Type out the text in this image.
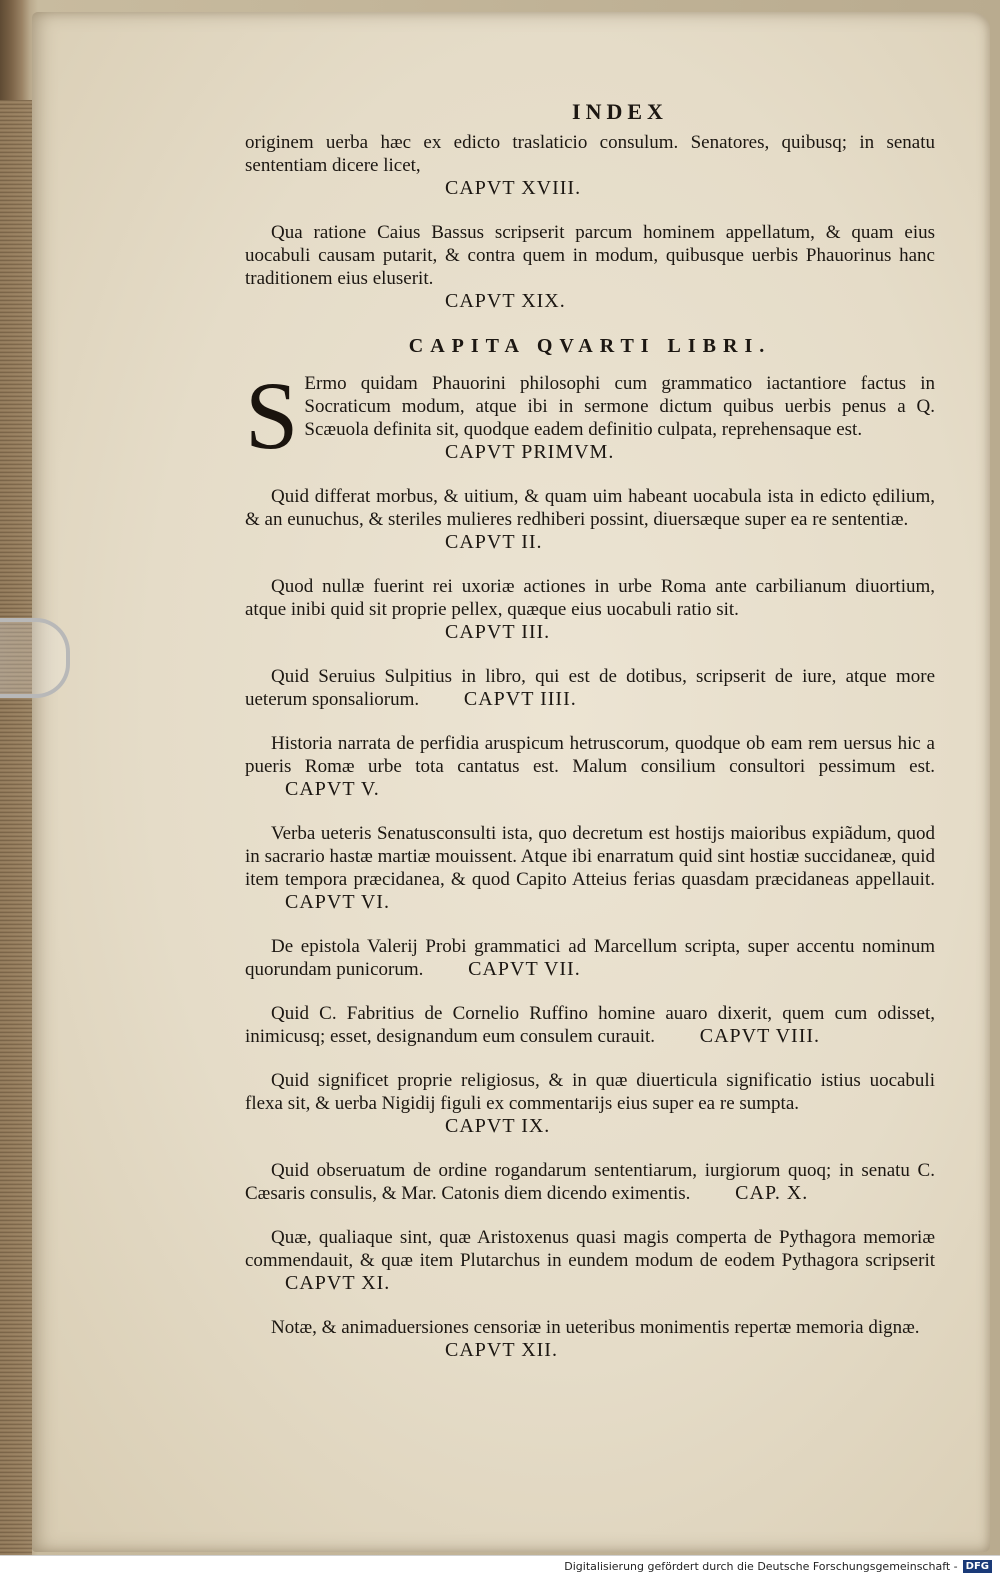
INDEX

originem uerba hæc ex edicto traslaticio consulum. Senatores, quibusq; in senatu sententiam dicere licet,
CAPVT XVIII.

Qua ratione Caius Bassus scripserit parcum hominem appellatum, & quam eius uocabuli causam putarit, & contra quem in modum, quibusque uerbis Phauorinus hanc traditionem eius eluserit.
CAPVT XIX.

CAPITA QVARTI LIBRI.

S Ermo quidam Phauorini philosophi cum grammatico iactantiore factus in Socraticum modum, atque ibi in sermone dictum quibus uerbis penus a Q. Scæuola definita sit, quodque eadem definitio culpata, reprehensaque est.
CAPVT PRIMVM.

Quid differat morbus, & uitium, & quam uim habeant uocabula ista in edicto ędilium, & an eunuchus, & steriles mulieres redhiberi possint, diuersæque super ea re sententiæ.
CAPVT II.

Quod nullæ fuerint rei uxoriæ actiones in urbe Roma ante carbilianum diuortium, atque inibi quid sit proprie pellex, quæque eius uocabuli ratio sit.
CAPVT III.

Quid Seruius Sulpitius in libro, qui est de dotibus, scripserit de iure, atque more ueterum sponsaliorum. CAPVT IIII.

Historia narrata de perfidia aruspicum hetruscorum, quodque ob eam rem uersus hic a pueris Romæ urbe tota cantatus est. Malum consilium consultori pessimum est. CAPVT V.

Verba ueteris Senatusconsulti ista, quo decretum est hostijs maioribus expiãdum, quod in sacrario hastæ martiæ mouissent. Atque ibi enarratum quid sint hostiæ succidaneæ, quid item tempora præcidanea, & quod Capito Atteius ferias quasdam præcidaneas appellauit. CAPVT VI.

De epistola Valerij Probi grammatici ad Marcellum scripta, super accentu nominum quorundam punicorum. CAPVT VII.

Quid C. Fabritius de Cornelio Ruffino homine auaro dixerit, quem cum odisset, inimicusq; esset, designandum eum consulem curauit. CAPVT VIII.

Quid significet proprie religiosus, & in quæ diuerticula significatio istius uocabuli flexa sit, & uerba Nigidij figuli ex commentarijs eius super ea re sumpta.
CAPVT IX.

Quid obseruatum de ordine rogandarum sententiarum, iurgiorum quoq; in senatu C. Cæsaris consulis, & Mar. Catonis diem dicendo eximentis. CAP. X.

Quæ, qualiaque sint, quæ Aristoxenus quasi magis comperta de Pythagora memoriæ commendauit, & quæ item Plutarchus in eundem modum de eodem Pythagora scripserit CAPVT XI.

Notæ, & animaduersiones censoriæ in ueteribus monimentis repertæ memoria dignæ.
CAPVT XII.

Digitalisierung gefördert durch die Deutsche Forschungsgemeinschaft - DFG
